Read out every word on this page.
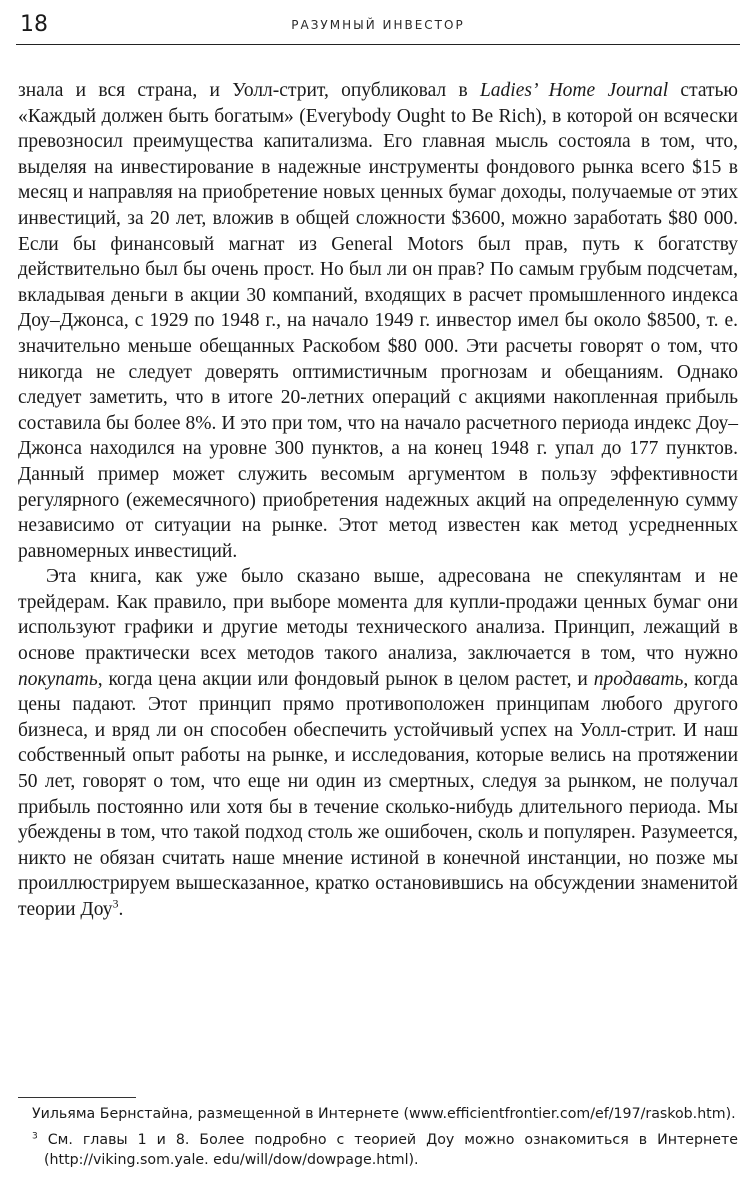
18	РАЗУМНЫЙ ИНВЕСТОР

знала и вся страна, и Уолл-стрит, опубликовал в Ladies’ Home Journal статью «Каждый должен быть богатым» (Everybody Ought to Be Rich), в которой он всячески превозносил преимущества капитализма. Его главная мысль состояла в том, что, выделяя на инвестирование в надежные инструменты фондового рынка всего $15 в месяц и направляя на приобретение новых ценных бумаг доходы, получаемые от этих инвестиций, за 20 лет, вложив в общей сложности $3600, можно заработать $80 000. Если бы финансовый магнат из General Motors был прав, путь к богатству действительно был бы очень прост. Но был ли он прав? По самым грубым подсчетам, вкладывая деньги в акции 30 компаний, входящих в расчет промышленного индекса Доу–Джонса, с 1929 по 1948 г., на начало 1949 г. инвестор имел бы около $8500, т. е. значительно меньше обещанных Раскобом $80 000. Эти расчеты говорят о том, что никогда не следует доверять оптимистичным прогнозам и обещаниям. Однако следует заметить, что в итоге 20-летних операций с акциями накопленная прибыль составила бы более 8%. И это при том, что на начало расчетного периода индекс Доу–Джонса находился на уровне 300 пунктов, а на конец 1948 г. упал до 177 пунктов. Данный пример может служить весомым аргументом в пользу эффективности регулярного (ежемесячного) приобретения надежных акций на определенную сумму независимо от ситуации на рынке. Этот метод известен как метод усредненных равномерных инвестиций.

Эта книга, как уже было сказано выше, адресована не спекулянтам и не трейдерам. Как правило, при выборе момента для купли-продажи ценных бумаг они используют графики и другие методы технического анализа. Принцип, лежащий в основе практически всех методов такого анализа, заключается в том, что нужно покупать, когда цена акции или фондовый рынок в целом растет, и продавать, когда цены падают. Этот принцип прямо противоположен принципам любого другого бизнеса, и вряд ли он способен обеспечить устойчивый успех на Уолл-стрит. И наш собственный опыт работы на рынке, и исследования, которые велись на протяжении 50 лет, говорят о том, что еще ни один из смертных, следуя за рынком, не получал прибыль постоянно или хотя бы в течение сколько-нибудь длительного периода. Мы убеждены в том, что такой подход столь же ошибочен, сколь и популярен. Разумеется, никто не обязан считать наше мнение истиной в конечной инстанции, но позже мы проиллюстрируем вышесказанное, кратко остановившись на обсуждении знаменитой теории Доу$^3$.

Уильяма Бернстайна, размещенной в Интернете (www.efficientfrontier.com/ef/197/raskob.htm).

$^3$ См. главы 1 и 8. Более подробно с теорией Доу можно ознакомиться в Интернете (http://viking.som.yale. edu/will/dow/dowpage.html).
